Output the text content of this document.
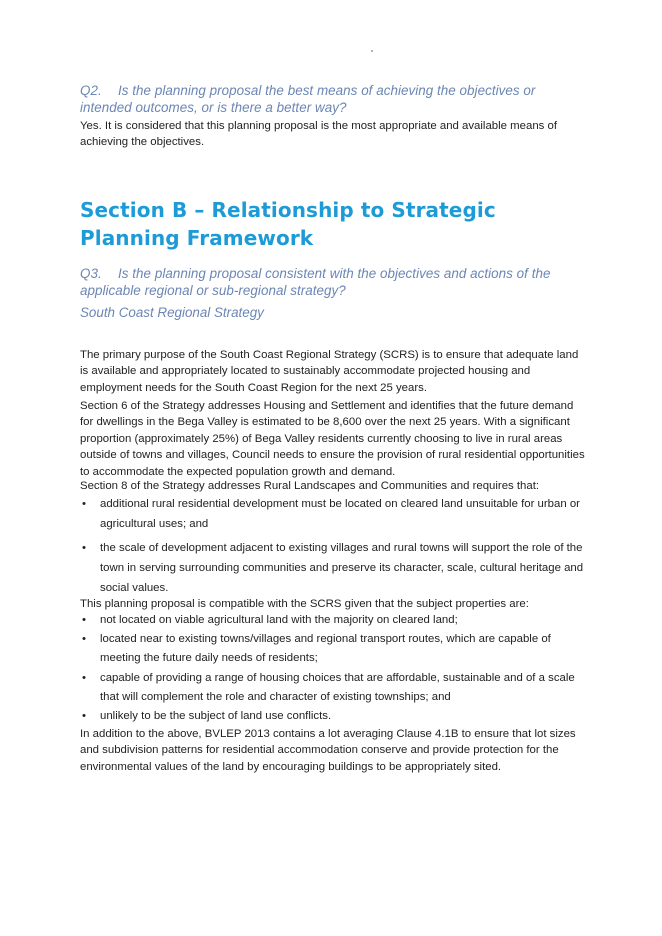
Q2. Is the planning proposal the best means of achieving the objectives or
intended outcomes, or is there a better way?
Yes. It is considered that this planning proposal is the most appropriate and available means of achieving the objectives.
Section B – Relationship to Strategic Planning Framework
Q3. Is the planning proposal consistent with the objectives and actions of the
applicable regional or sub-regional strategy?
South Coast Regional Strategy
The primary purpose of the South Coast Regional Strategy (SCRS) is to ensure that adequate land is available and appropriately located to sustainably accommodate projected housing and employment needs for the South Coast Region for the next 25 years.
Section 6 of the Strategy addresses Housing and Settlement and identifies that the future demand for dwellings in the Bega Valley is estimated to be 8,600 over the next 25 years. With a significant proportion (approximately 25%) of Bega Valley residents currently choosing to live in rural areas outside of towns and villages, Council needs to ensure the provision of rural residential opportunities to accommodate the expected population growth and demand.
Section 8 of the Strategy addresses Rural Landscapes and Communities and requires that:
• additional rural residential development must be located on cleared land unsuitable for urban or agricultural uses; and
• the scale of development adjacent to existing villages and rural towns will support the role of the town in serving surrounding communities and preserve its character, scale, cultural heritage and social values.
This planning proposal is compatible with the SCRS given that the subject properties are:
• not located on viable agricultural land with the majority on cleared land;
• located near to existing towns/villages and regional transport routes, which are capable of meeting the future daily needs of residents;
• capable of providing a range of housing choices that are affordable, sustainable and of a scale that will complement the role and character of existing townships; and
• unlikely to be the subject of land use conflicts.
In addition to the above, BVLEP 2013 contains a lot averaging Clause 4.1B to ensure that lot sizes and subdivision patterns for residential accommodation conserve and provide protection for the environmental values of the land by encouraging buildings to be appropriately sited.
